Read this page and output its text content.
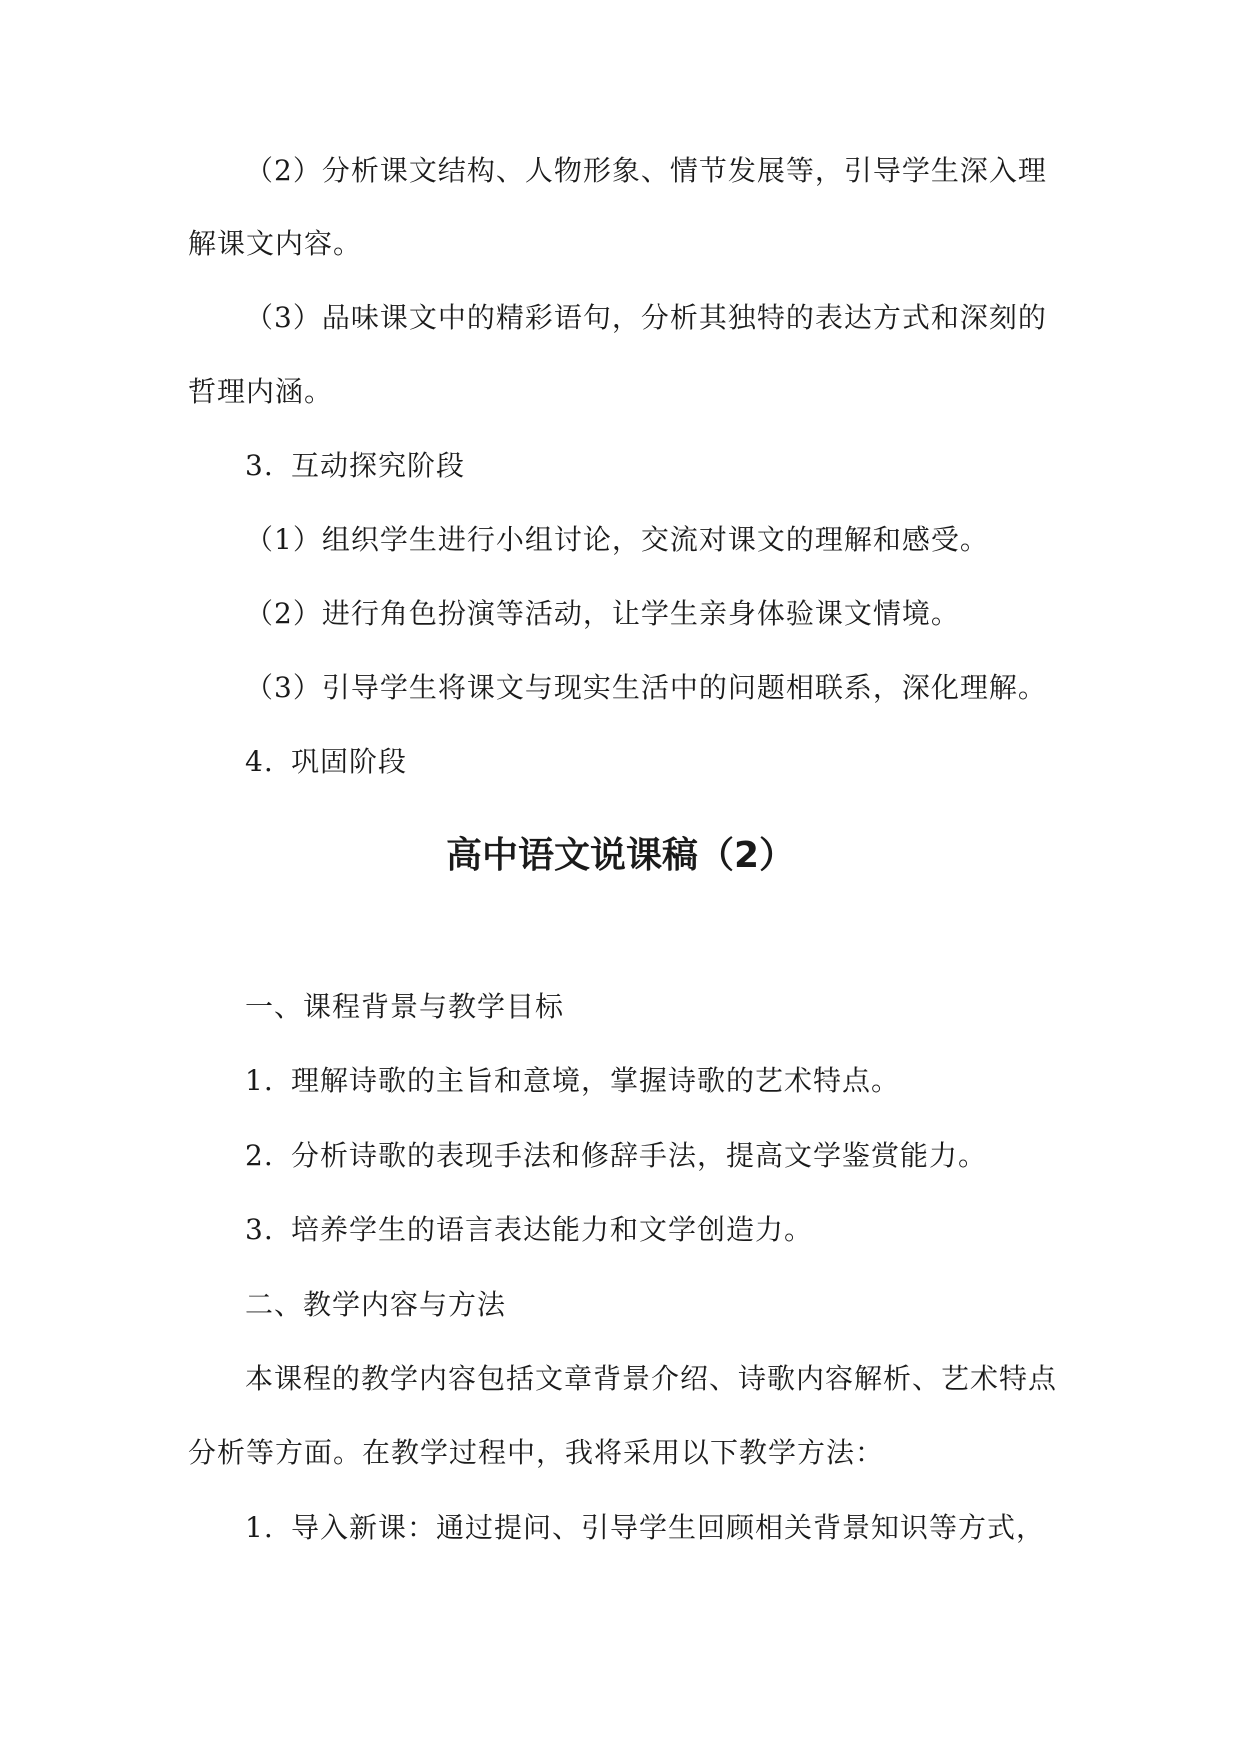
（2）分析课文结构、人物形象、情节发展等，引导学生深入理
解课文内容。
（3）品味课文中的精彩语句，分析其独特的表达方式和深刻的
哲理内涵。
3. 互动探究阶段
（1）组织学生进行小组讨论，交流对课文的理解和感受。
（2）进行角色扮演等活动，让学生亲身体验课文情境。
（3）引导学生将课文与现实生活中的问题相联系，深化理解。
4. 巩固阶段
高中语文说课稿（2）
一、课程背景与教学目标
1. 理解诗歌的主旨和意境，掌握诗歌的艺术特点。
2. 分析诗歌的表现手法和修辞手法，提高文学鉴赏能力。
3. 培养学生的语言表达能力和文学创造力。
二、教学内容与方法
本课程的教学内容包括文章背景介绍、诗歌内容解析、艺术特点
分析等方面。在教学过程中，我将采用以下教学方法：
1. 导入新课：通过提问、引导学生回顾相关背景知识等方式，
